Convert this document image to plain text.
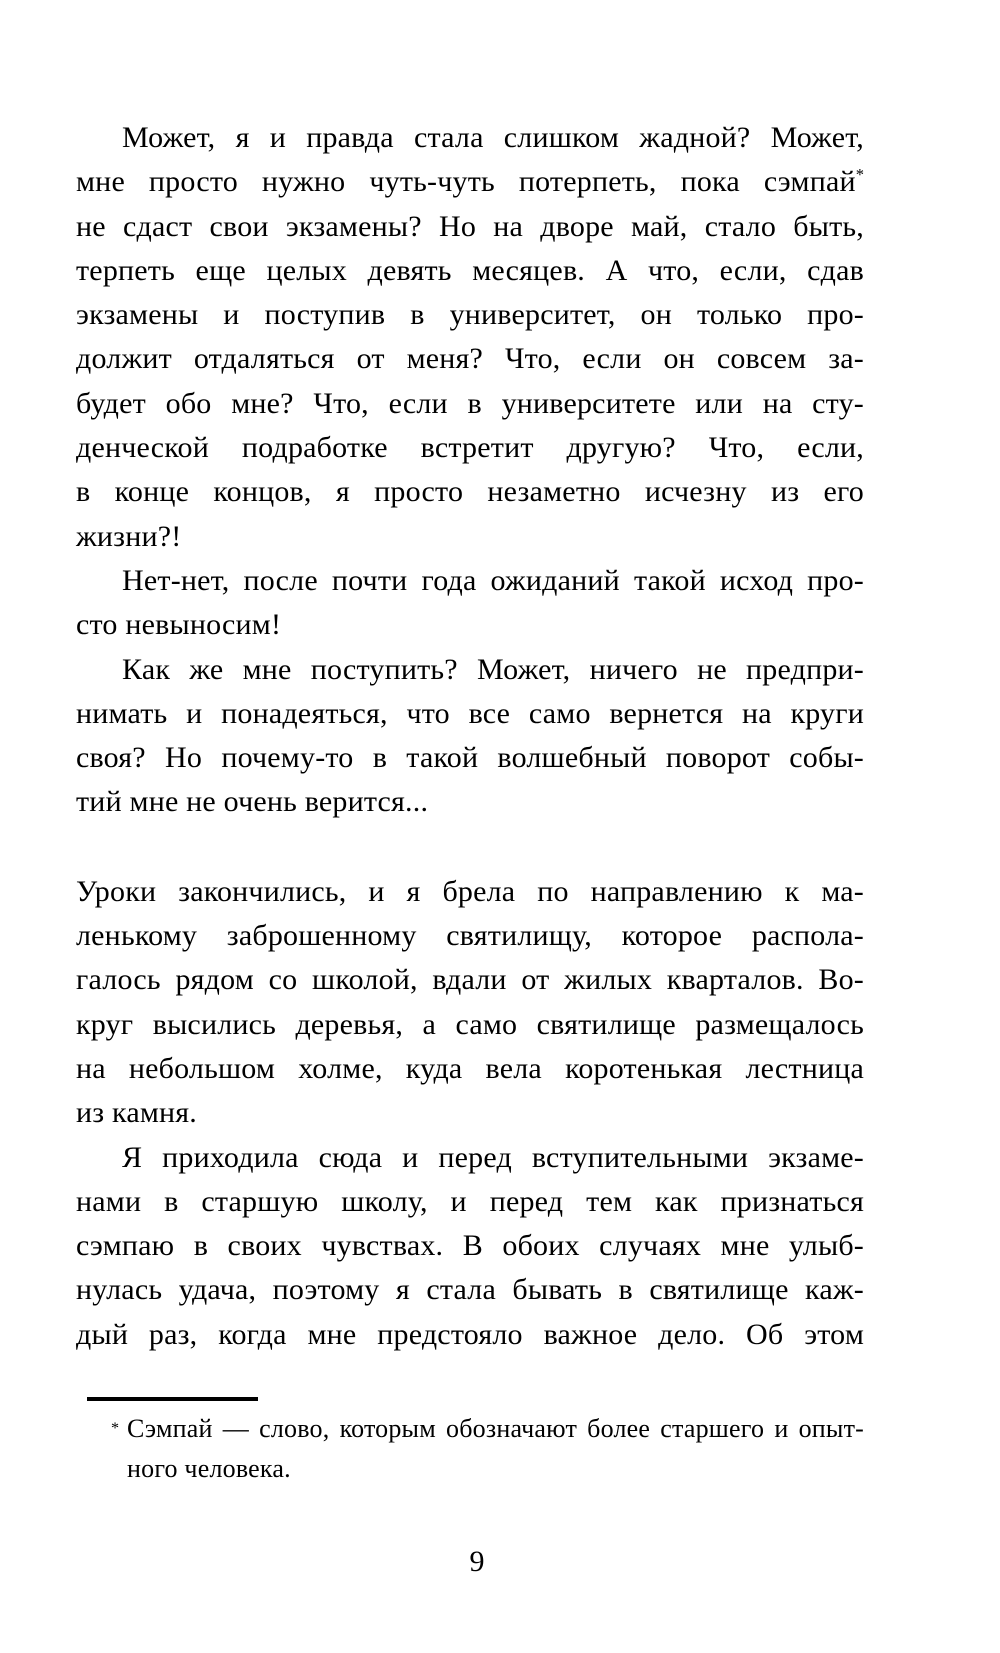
Может, я и правда стала слишком жадной? Может,
мне просто нужно чуть-чуть потерпеть, пока сэмпай*
не сдаст свои экзамены? Но на дворе май, стало быть,
терпеть еще целых девять месяцев. А что, если, сдав
экзамены и поступив в университет, он только про-
должит отдаляться от меня? Что, если он совсем за-
будет обо мне? Что, если в университете или на сту-
денческой подработке встретит другую? Что, если,
в конце концов, я просто незаметно исчезну из его
жизни?!
Нет-нет, после почти года ожиданий такой исход про-
сто невыносим!
Как же мне поступить? Может, ничего не предпри-
нимать и понадеяться, что все само вернется на круги
своя? Но почему-то в такой волшебный поворот собы-
тий мне не очень верится...
Уроки закончились, и я брела по направлению к ма-
ленькому заброшенному святилищу, которое распола-
галось рядом со школой, вдали от жилых кварталов. Во-
круг высились деревья, а само святилище размещалось
на небольшом холме, куда вела коротенькая лестница
из камня.
Я приходила сюда и перед вступительными экзаме-
нами в старшую школу, и перед тем как признаться
сэмпаю в своих чувствах. В обоих случаях мне улыб-
нулась удача, поэтому я стала бывать в святилище каж-
дый раз, когда мне предстояло важное дело. Об этом
* Сэмпай — слово, которым обозначают более старшего и опыт-
ного человека.
9
